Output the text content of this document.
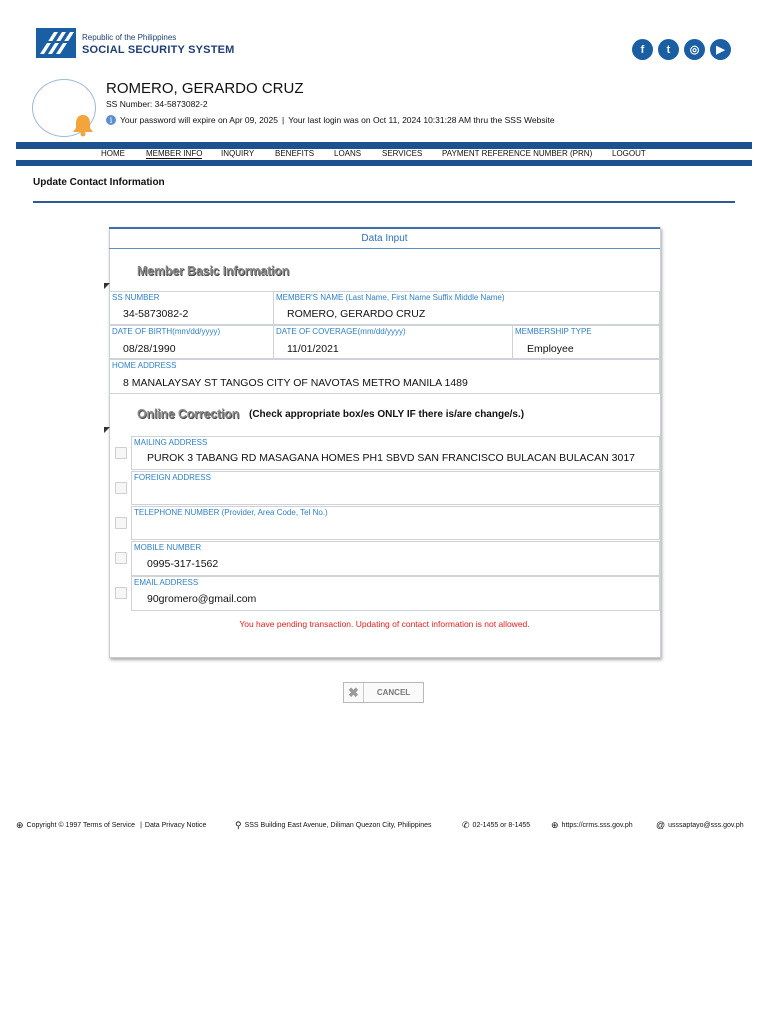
Republic of the Philippines
SOCIAL SECURITY SYSTEM	f	t	◎	▶
ROMERO, GERARDO CRUZ
SS Number: 34-5873082-2
i Your password will expire on Apr 09, 2025 | Your last login was on Oct 11, 2024 10:31:28 AM thru the SSS Website
HOME	MEMBER INFO INQUIRY	BENEFITS LOANS	SERVICES PAYMENT REFERENCE NUMBER (PRN) LOGOUT
Update Contact Information
Data Input
Member Basic Information
SS NUMBER
34-5873082-2
MEMBER'S NAME (Last Name, First Name Suffix Middle Name)
ROMERO, GERARDO CRUZ
DATE OF BIRTH(mm/dd/yyyy)
08/28/1990
DATE OF COVERAGE(mm/dd/yyyy)
11/01/2021
MEMBERSHIP TYPE
Employee
HOME ADDRESS
8 MANALAYSAY ST TANGOS CITY OF NAVOTAS METRO MANILA 1489
Online Correction (Check appropriate box/es ONLY IF there is/are change/s.)
MAILING ADDRESS
PUROK 3 TABANG RD MASAGANA HOMES PH1 SBVD SAN FRANCISCO BULACAN BULACAN 3017
FOREIGN ADDRESS
TELEPHONE NUMBER (Provider, Area Code, Tel No.)
MOBILE NUMBER
0995-317-1562
EMAIL ADDRESS
90gromero@gmail.com
You have pending transaction. Updating of contact information is not allowed.
✖	CANCEL
⊕ Copyright © 1997 Terms of Service | Data Privacy Notice	⚲ SSS Building East Avenue, Diliman Quezon City, Philippines	✆ 02-1455 or 8-1455 ⊕ https://crms.sss.gov.ph	@ usssaptayo@sss.gov.ph
